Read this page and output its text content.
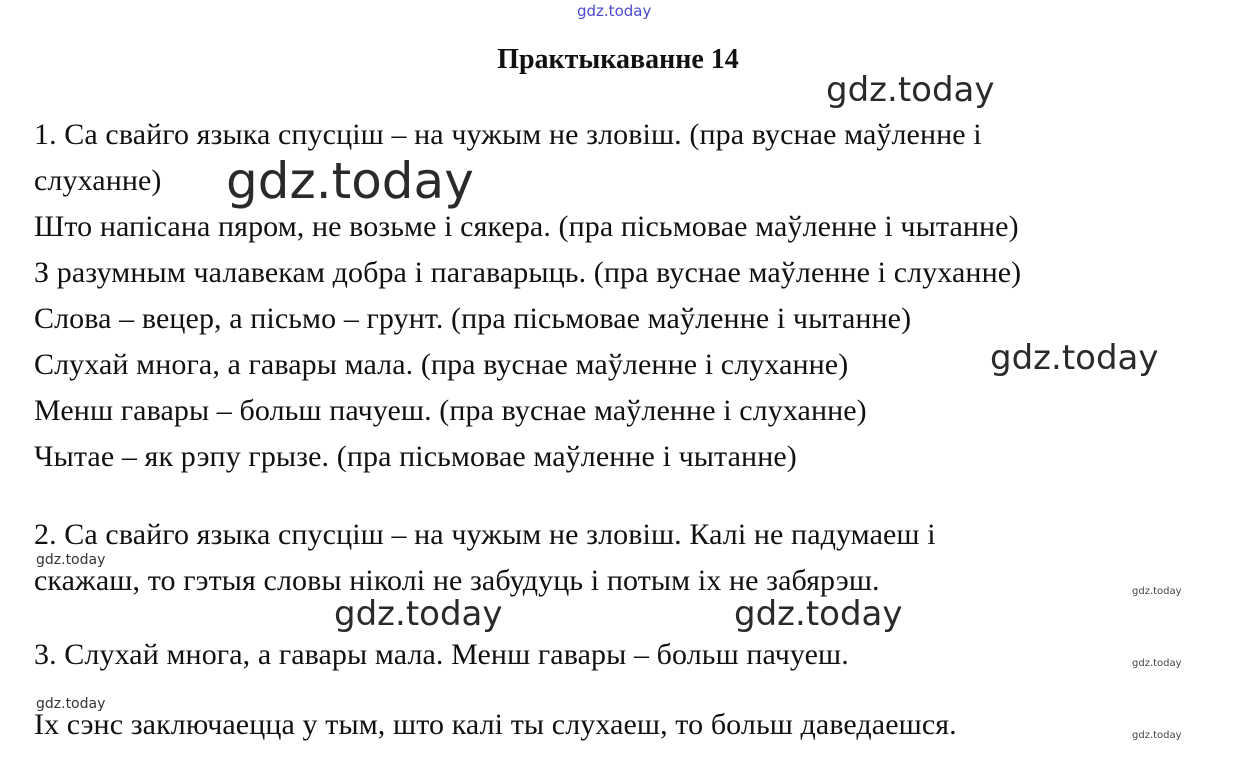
gdz.today
Практыкаванне 14
gdz.today
1. Са свайго языка спусціш – на чужым не зловіш. (пра вуснае маўленне і
слуханне) gdz.today
Што напісана пяром, не возьме і сякера. (пра пісьмовае маўленне і чытанне)
З разумным чалавекам добра і пагаварыць. (пра вуснае маўленне і слуханне)
Слова – вецер, а пісьмо – грунт. (пра пісьмовае маўленне і чытанне)
Слухай многа, а гавары мала. (пра вуснае маўленне і слуханне)	gdz.today
Менш гавары – больш пачуеш. (пра вуснае маўленне і слуханне)
Чытае – як рэпу грызе. (пра пісьмовае маўленне і чытанне)
2. Са свайго языка спусціш – на чужым не зловіш. Калі не падумаеш і
gdz.today
скажаш, то гэтыя словы ніколі не забудуць і потым іх не забярэш.	gdz.today
gdz.today	gdz.today
3. Слухай многа, а гавары мала. Менш гавары – больш пачуеш.	gdz.today
gdz.today
Іх сэнс заключаецца у тым, што калі ты слухаеш, то больш даведаешся.	gdz.today
